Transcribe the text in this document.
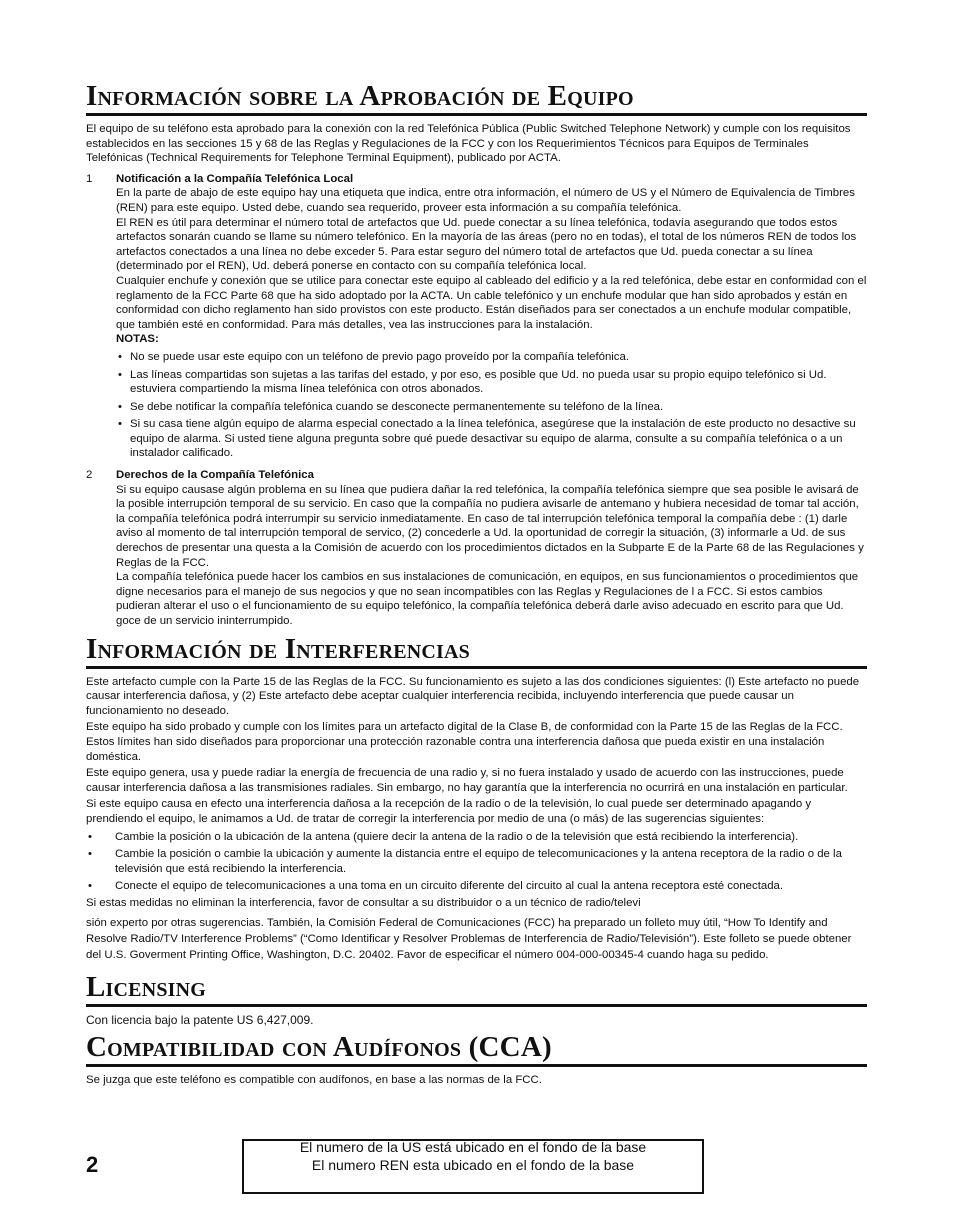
Información sobre la Aprobación de Equipo

El equipo de su teléfono esta aprobado para la conexión con la red Telefónica Pública (Public Switched Telephone Network) y cumple con los requisitos establecidos en las secciones 15 y 68 de las Reglas y Regulaciones de la FCC y con los Requerimientos Técnicos para Equipos de Terminales Telefónicas (Technical Requirements for Telephone Terminal Equipment), publicado por ACTA.

1 Notificación a la Compañía Telefónica Local

En la parte de abajo de este equipo hay una etiqueta que indica, entre otra información, el número de US y el Número de Equivalencia de Timbres (REN) para este equipo. Usted debe, cuando sea requerido, proveer esta información a su compañía telefónica.

El REN es útil para determinar el número total de artefactos que Ud. puede conectar a su línea telefónica, todavía asegurando que todos estos artefactos sonarán cuando se llame su número telefónico. En la mayoría de las áreas (pero no en todas), el total de los números REN de todos los artefactos conectados a una línea no debe exceder 5. Para estar seguro del número total de artefactos que Ud. pueda conectar a su línea (determinado por el REN), Ud. deberá ponerse en contacto con su compañía telefónica local.

Cualquier enchufe y conexión que se utilice para conectar este equipo al cableado del edificio y a la red telefónica, debe estar en conformidad con el reglamento de la FCC Parte 68 que ha sido adoptado por la ACTA. Un cable telefónico y un enchufe modular que han sido aprobados y están en conformidad con dicho reglamento han sido provistos con este producto. Están diseñados para ser conectados a un enchufe modular compatible, que también esté en conformidad. Para más detalles, vea las instrucciones para la instalación.

NOTAS:
• No se puede usar este equipo con un teléfono de previo pago proveído por la compañía telefónica.
• Las líneas compartidas son sujetas a las tarifas del estado, y por eso, es posible que Ud. no pueda usar su propio equipo telefónico si Ud. estuviera compartiendo la misma línea telefónica con otros abonados.
• Se debe notificar la compañía telefónica cuando se desconecte permanentemente su teléfono de la línea.
• Si su casa tiene algún equipo de alarma especial conectado a la línea telefónica, asegúrese que la instalación de este producto no desactive su equipo de alarma. Si usted tiene alguna pregunta sobre qué puede desactivar su equipo de alarma, consulte a su compañía telefónica o a un instalador calificado.
2 Derechos de la Compañía Telefónica

Si su equipo causase algún problema en su línea que pudiera dañar la red telefónica, la compañía telefónica siempre que sea posible le avisará de la posible interrupción temporal de su servicio. En caso que la compañía no pudiera avisarle de antemano y hubiera necesidad de tomar tal acción, la compañía telefónica podrá interrumpir su servicio inmediatamente. En caso de tal interrupción telefónica temporal la compañía debe : (1) darle aviso al momento de tal interrupción temporal de servico, (2) concederle a Ud. la oportunidad de corregir la situación, (3) informarle a Ud. de sus derechos de presentar una questa a la Comisión de acuerdo con los procedimientos dictados en la Subparte E de la Parte 68 de las Regulaciones y Reglas de la FCC.

La compañía telefónica puede hacer los cambios en sus instalaciones de comunicación, en equipos, en sus funcionamientos o procedimientos que digne necesarios para el manejo de sus negocios y que no sean incompatibles con las Reglas y Regulaciones de l a FCC. Si estos cambios pudieran alterar el uso o el funcionamiento de su equipo telefónico, la compañía telefónica deberá darle aviso adecuado en escrito para que Ud. goce de un servicio ininterrumpido.

Información de Interferencias

Este artefacto cumple con la Parte 15 de las Reglas de la FCC. Su funcionamiento es sujeto a las dos condiciones siguientes: (l) Este artefacto no puede causar interferencia dañosa, y (2) Este artefacto debe aceptar cualquier interferencia recibida, incluyendo interferencia que puede causar un funcionamiento no deseado.

Este equipo ha sido probado y cumple con los límites para un artefacto digital de la Clase B, de conformidad con la Parte 15 de las Reglas de la FCC. Estos límites han sido diseñados para proporcionar una protección razonable contra una interferencia dañosa que pueda existir en una instalación doméstica.

Este equipo genera, usa y puede radiar la energía de frecuencia de una radio y, si no fuera instalado y usado de acuerdo con las instrucciones, puede causar interferencia dañosa a las transmisiones radiales. Sin embargo, no hay garantía que la interferencia no ocurrirá en una instalación en particular.

Si este equipo causa en efecto una interferencia dañosa a la recepción de la radio o de la televisión, lo cual puede ser determinado apagando y prendiendo el equipo, le animamos a Ud. de tratar de corregir la interferencia por medio de una (o más) de las sugerencias siguientes:

• Cambie la posición o la ubicación de la antena (quiere decir la antena de la radio o de la televisión que está recibiendo la interferencia).
• Cambie la posición o cambie la ubicación y aumente la distancia entre el equipo de telecomunicaciones y la antena receptora de la radio o de la televisión que está recibiendo la interferencia.
• Conecte el equipo de telecomunicaciones a una toma en un circuito diferente del circuito al cual la antena receptora esté conectada.

Si estas medidas no eliminan la interferencia, favor de consultar a su distribuidor o a un técnico de radio/televi

sión experto por otras sugerencias. También, la Comisión Federal de Comunicaciones (FCC) ha preparado un folleto muy útil, “How To Identify and Resolve Radio/TV Interference Problems” (“Como Identificar y Resolver Problemas de Interferencia de Radio/Televisión”). Este folleto se puede obtener del U.S. Goverment Printing Office, Washington, D.C. 20402. Favor de especificar el número 004-000-00345-4 cuando haga su pedido.

Licensing

Con licencia bajo la patente US 6,427,009.

Compatibilidad con Audífonos (CCA)

Se juzga que este teléfono es compatible con audífonos, en base a las normas de la FCC.

2
El numero de la US está ubicado en el fondo de la base
El numero REN esta ubicado en el fondo de la base
